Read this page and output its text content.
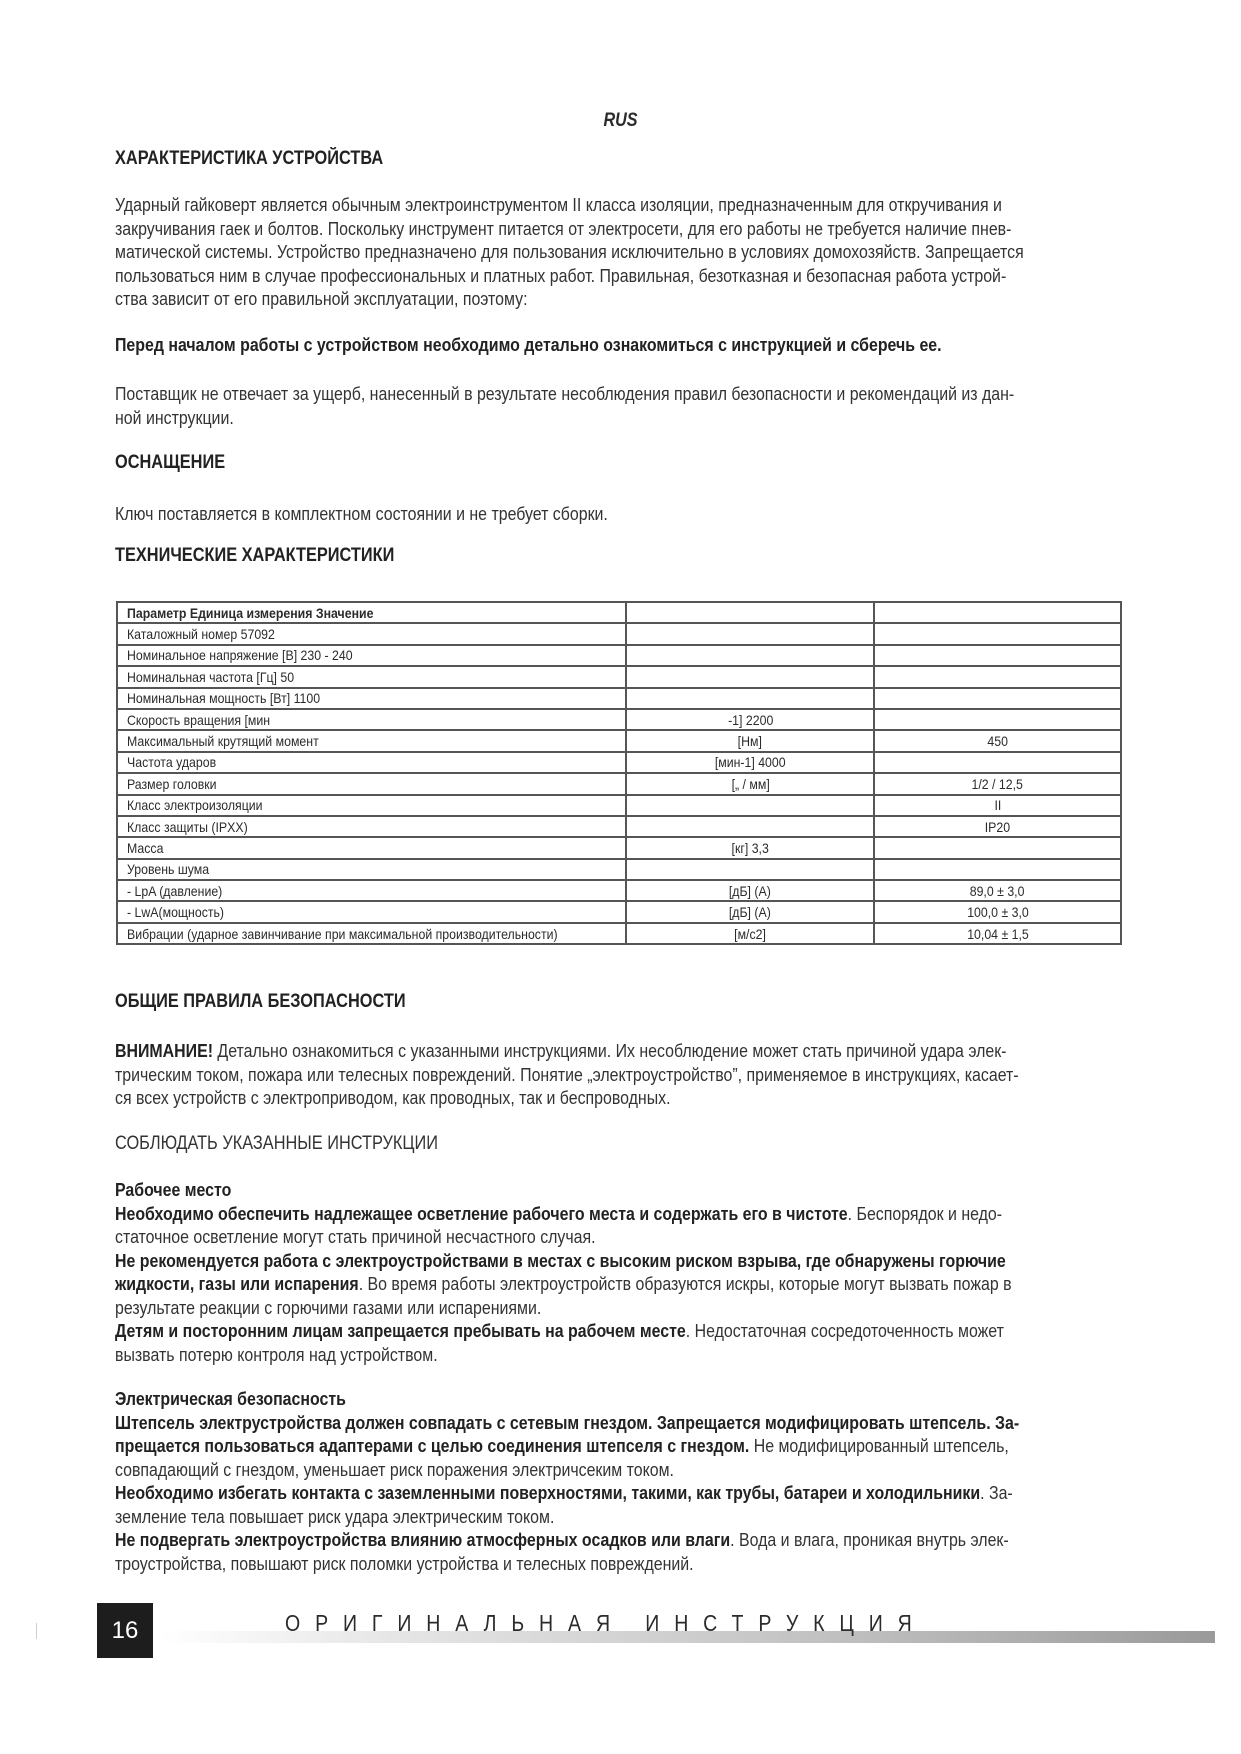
RUS
ХАРАКТЕРИСТИКА УСТРОЙСТВА
Ударный гайковерт является обычным электроинструментом II класса изоляции, предназначенным для откручивания и
закручивания гаек и болтов. Поскольку инструмент питается от электросети, для его работы не требуется наличие пнев-
матической системы. Устройство предназначено для пользования исключительно в условиях домохозяйств. Запрещается
пользоваться ним в случае профессиональных и платных работ. Правильная, безотказная и безопасная работа устрой-
ства зависит от его правильной эксплуатации, поэтому:
Перед началом работы с устройством необходимо детально ознакомиться с инструкцией и сберечь ее.
Поставщик не отвечает за ущерб, нанесенный в результате несоблюдения правил безопасности и рекомендаций из дан-
ной инструкции.
ОСНАЩЕНИЕ
Ключ поставляется в комплектном состоянии и не требует сборки.
ТЕХНИЧЕСКИЕ ХАРАКТЕРИСТИКИ
Параметр Единица измерения Значение		
Каталожный номер 57092		
Номинальное напряжение [В] 230 - 240		
Номинальная частота [Гц] 50		
Номинальная мощность [Вт] 1100		
Скорость вращения [мин	-1] 2200	
Максимальный крутящий момент	[Нм]	450
Частота ударов	[мин-1] 4000	
Размер головки	[„ / мм]	1/2 / 12,5
Класс электроизоляции		II
Класс защиты (IPXX)		IP20
Масса	[кг] 3,3	
Уровень шума		
- LpA (давление)	[дБ] (A)	89,0 ± 3,0
- LwA(мощность)	[дБ] (A)	100,0 ± 3,0
Вибрации (ударное завинчивание при максимальной производительности)	[м/с2]	10,04 ± 1,5
ОБЩИЕ ПРАВИЛА БЕЗОПАСНОСТИ
ВНИМАНИЕ! Детально ознакомиться с указанными инструкциями. Их несоблюдение может стать причиной удара элек-
трическим током, пожара или телесных повреждений. Понятие „электроустройство”, применяемое в инструкциях, касает-
ся всех устройств с электроприводом, как проводных, так и беспроводных.
СОБЛЮДАТЬ УКАЗАННЫЕ ИНСТРУКЦИИ
Рабочее место
Необходимо обеспечить надлежащее осветление рабочего места и содержать его в чистоте. Беспорядок и недо-
статочное осветление могут стать причиной несчастного случая.
Не рекомендуется работа с электроустройствами в местах с высоким риском взрыва, где обнаружены горючие
жидкости, газы или испарения. Во время работы электроустройств образуются искры, которые могут вызвать пожар в
результате реакции с горючими газами или испарениями.
Детям и посторонним лицам запрещается пребывать на рабочем месте. Недостаточная сосредоточенность может
вызвать потерю контроля над устройством.
Электрическая безопасность
Штепсель электрустройства должен совпадать с сетевым гнездом. Запрещается модифицировать штепсель. За-
прещается пользоваться адаптерами с целью соединения штепселя с гнездом. Не модифицированный штепсель,
совпадающий с гнездом, уменьшает риск поражения электричсеким током.
Необходимо избегать контакта с заземленными поверхностями, такими, как трубы, батареи и холодильники. За-
земление тела повышает риск удара электрическим током.
Не подвергать электроустройства влиянию атмосферных осадков или влаги. Вода и влага, проникая внутрь элек-
троустройства, повышают риск поломки устройства и телесных повреждений.
16	ОРИГИНАЛЬНАЯ ИНСТРУКЦИЯ
